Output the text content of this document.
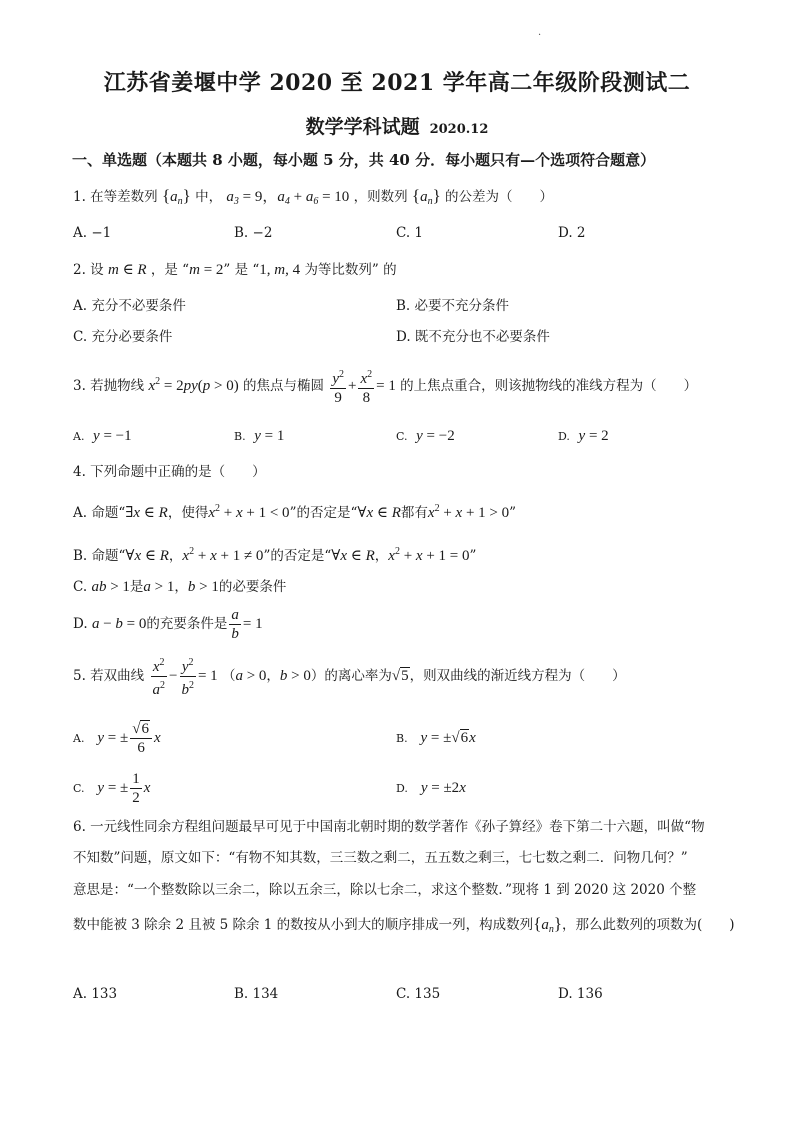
·
江苏省姜堰中学 2020 至 2021 学年高二年级阶段测试二
数学学科试题 2020.12
一、单选题（本题共 8 小题，每小题 5 分，共 40 分．每小题只有—个选项符合题意）
1. 在等差数列 $\{a_n\}$ 中， $a_3 = 9$，$a_4 + a_6 = 10$ ，则数列 $\{a_n\}$ 的公差为（　　）
A. −1	B. −2	C. 1	D. 2
2. 设 m ∈ R ，是 “m = 2” 是 “1, m, 4 为等比数列” 的
A. 充分不必要条件	B. 必要不充分条件
C. 充分必要条件	D. 既不充分也不必要条件
3. 若抛物线 $x^2 = 2py(p > 0)$ 的焦点与椭圆 $\frac{y^2}{9} + \frac{x^2}{8} = 1$ 的上焦点重合，则该抛物线的准线方程为（　　）
A. y = −1	B. y = 1	C. y = −2	D. y = 2
4. 下列命题中正确的是（　　）
A. 命题“∃x ∈ R，使得$x^2 + x + 1 < 0$”的否定是“∀x ∈ R都有$x^2 + x + 1 > 0$”
B. 命题“∀x ∈ R，$x^2 + x + 1 \ne 0$”的否定是“∀x ∈ R，$x^2 + x + 1 = 0$”
C. ab > 1是a > 1，b > 1的必要条件
D. a − b = 0的充要条件是 $\frac{a}{b} = 1$
5. 若双曲线 $\frac{x^2}{a^2} - \frac{y^2}{b^2} = 1$ （a > 0，b > 0）的离心率为√5，则双曲线的渐近线方程为（　　）
A. y = ± $\frac{√6}{6}$ x	B. y = ±√6x
C. y = ± $\frac{1}{2}$ x	D. y = ±2x
6. 一元线性同余方程组问题最早可见于中国南北朝时期的数学著作《孙子算经》卷下第二十六题，叫做“物
不知数”问题，原文如下：“有物不知其数，三三数之剩二，五五数之剩三，七七数之剩二．问物几何？”
意思是：“一个整数除以三余二，除以五余三，除以七余二，求这个整数．”现将 1 到 2020 这 2020 个整
数中能被 3 除余 2 且被 5 除余 1 的数按从小到大的顺序排成一列，构成数列$\{a_n\}$，那么此数列的项数为(　　)
A. 133	B. 134	C. 135	D. 136
